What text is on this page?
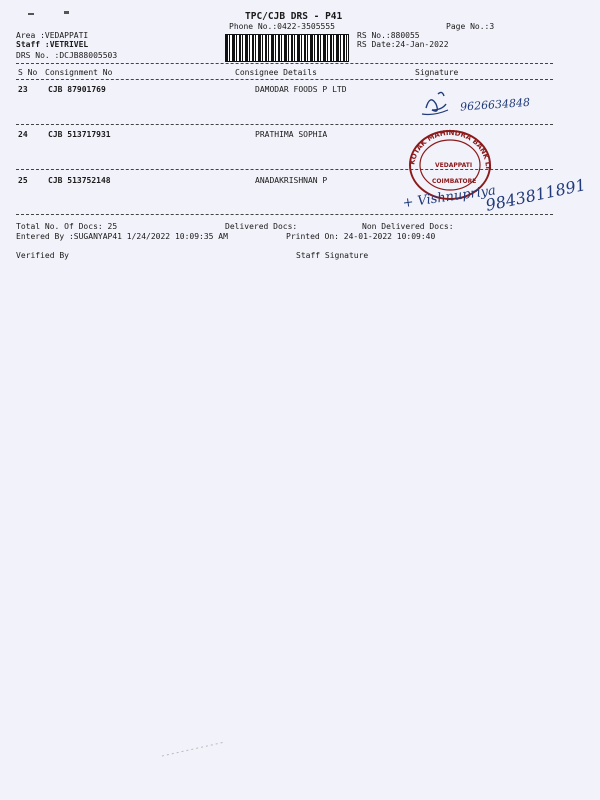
TPC/CJB DRS - P41
Phone No.:0422-3505555	Page No.:3
Area :VEDAPPATI
Staff :VETRIVEL
DRS No. :DCJB88005503
RS No.:880055
RS Date:24-Jan-2022
S No Consignment No	Consignee Details	Signature
23	CJB 87901769	DAMODAR FOODS P LTD
24	CJB 513717931	PRATHIMA SOPHIA
25	CJB 513752148	ANADAKRISHNAN P
Total No. Of Docs: 25	Delivered Docs:	Non Delivered Docs:
Entered By :SUGANYAP41 1/24/2022 10:09:35 AM	Printed On: 24-01-2022 10:09:40
Verified By	Staff Signature
9626634848
KOTAK MAHINDRA BANK LTD
VEDAPPATI
COIMBATORE
+ Vishnupriya
9843811891
